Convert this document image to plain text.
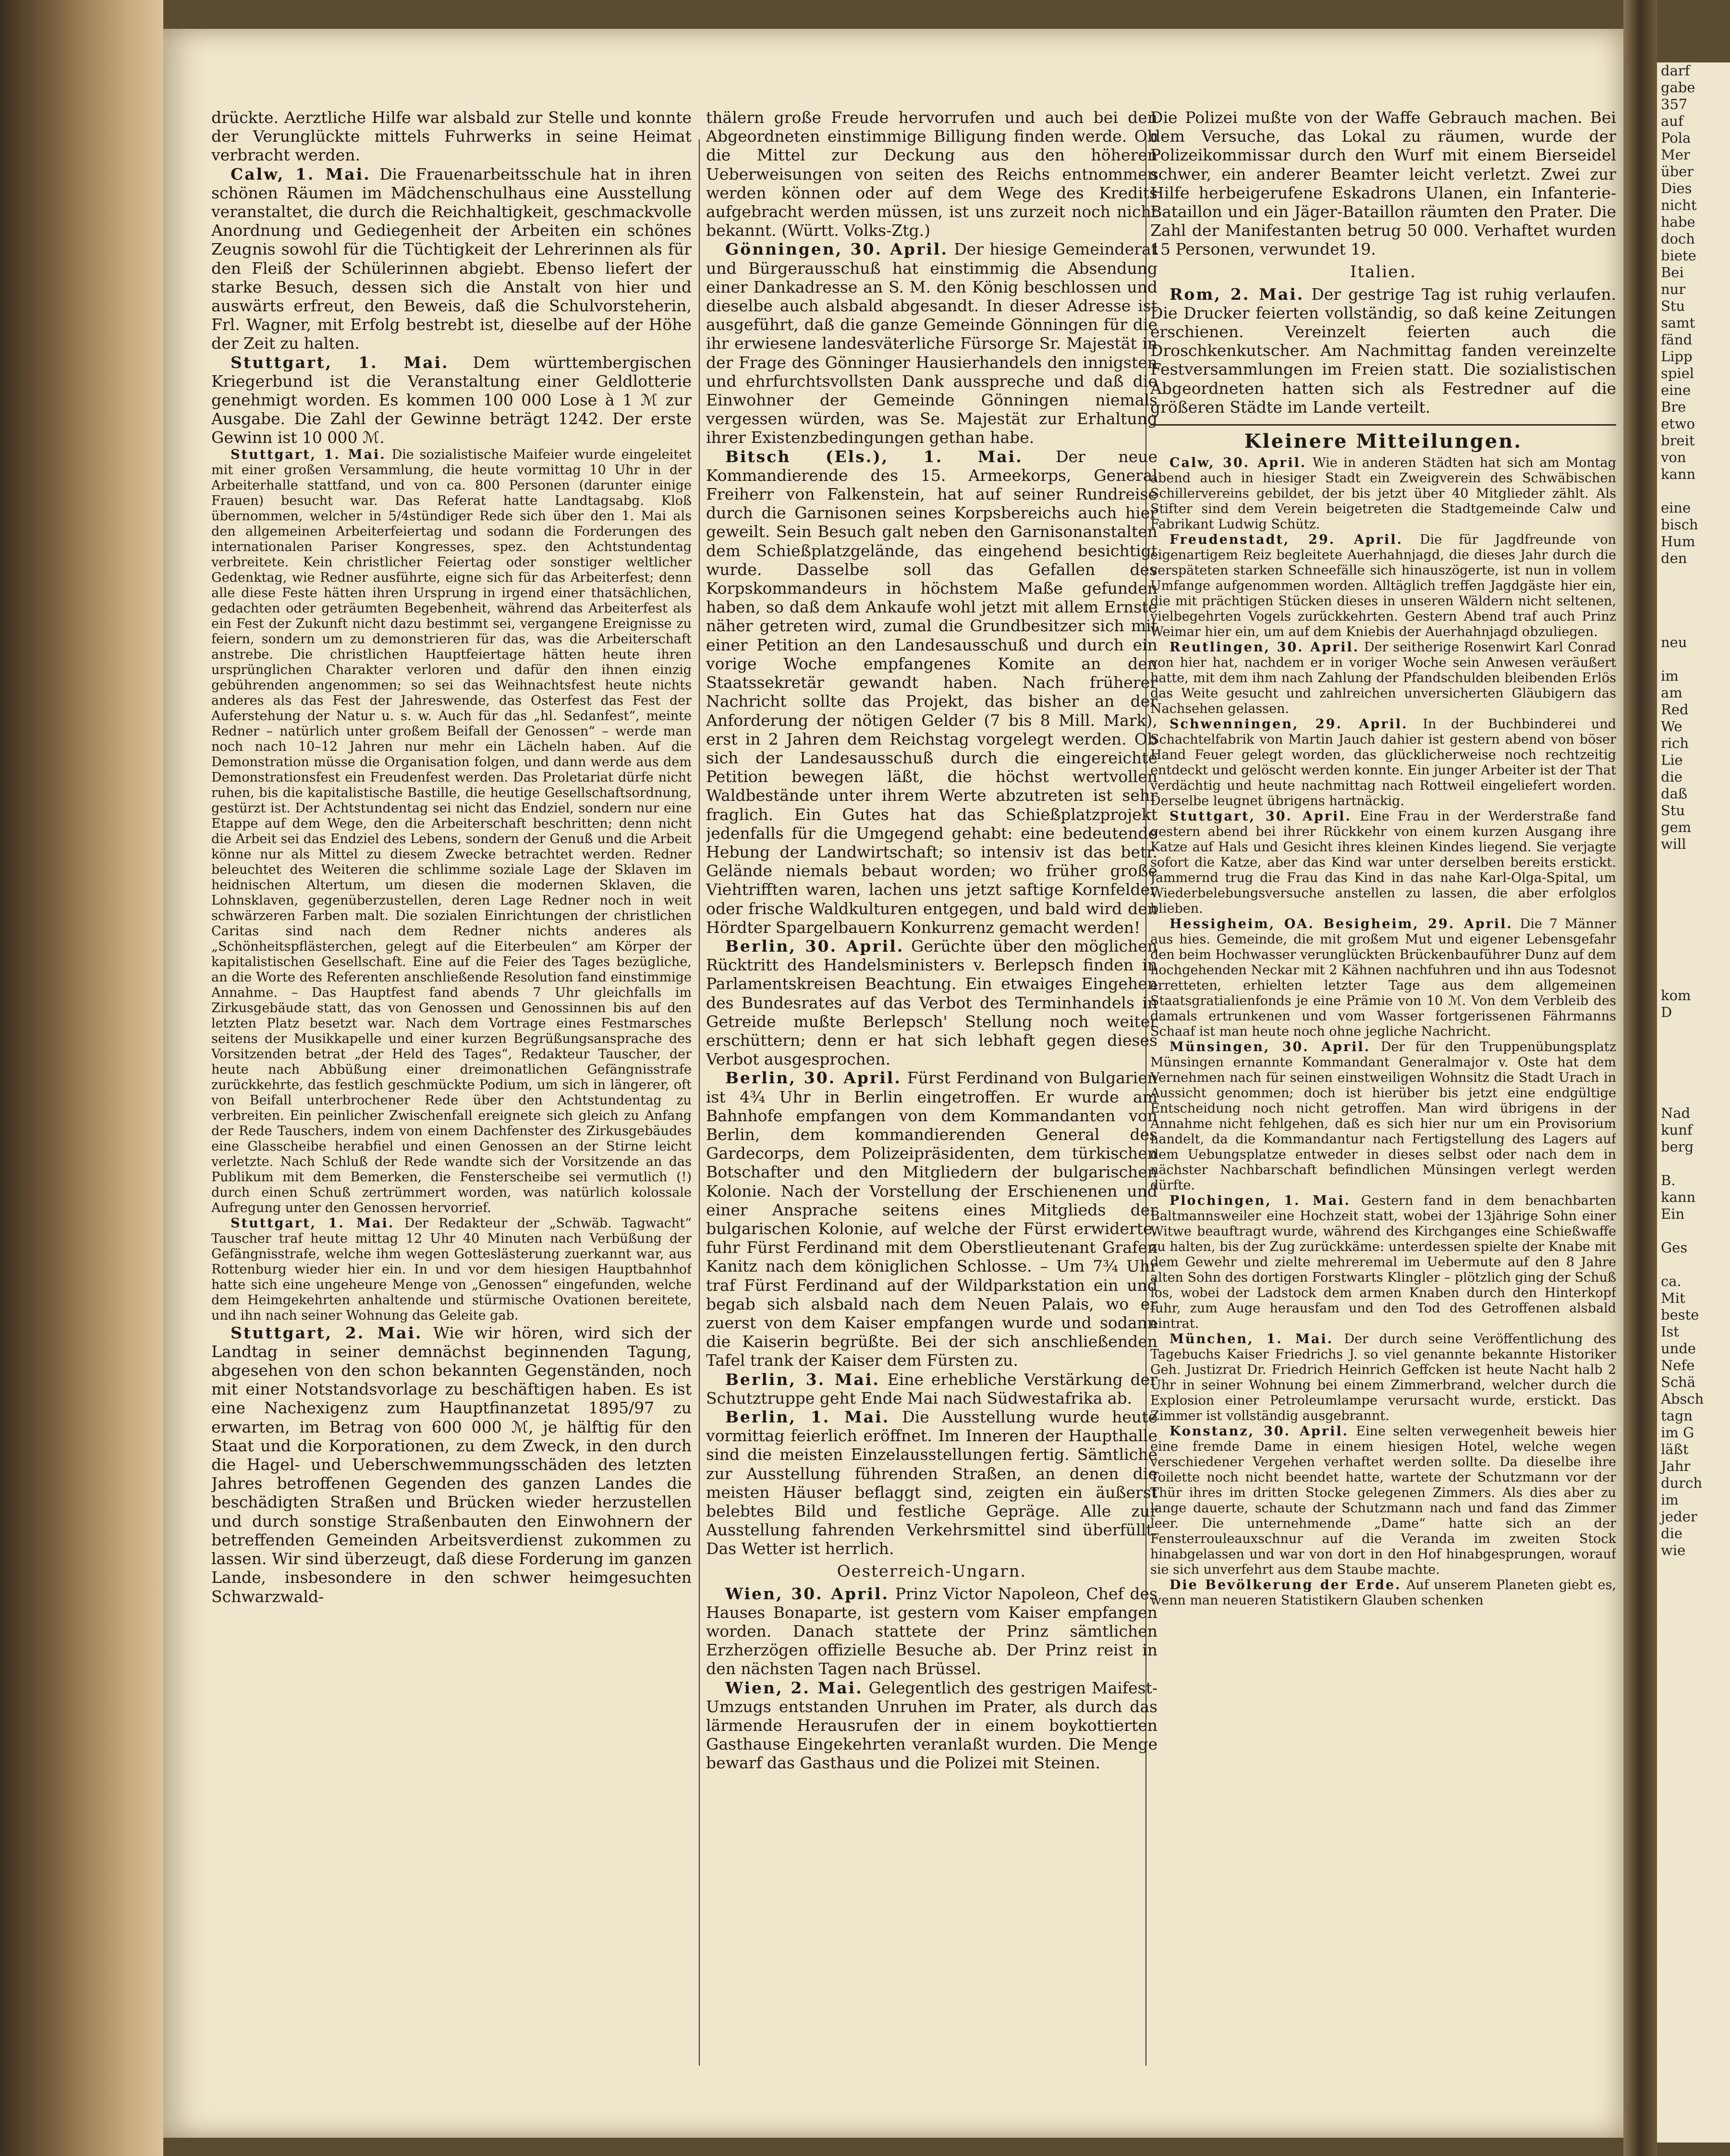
darf
gabe
357
auf
Pola
Mer
über
Dies
nicht
habe
doch
biete
Bei
nur
Stu
samt
fänd
Lipp
spiel
eine
Bre
etwo
breit
von
kann

eine
bisch
Hum
den

neu

im
am
Red
We
rich
Lie
die
daß
Stu
gem
will

kom
D

Nad
kunf
berg

B.
kann
Ein

Ges

ca.
Mit
beste
Ist
unde
Nefe
Schä
Absch
tagn
im G
läßt
Jahr
durch
im
jeder
die
wie

drückte. Aerztliche Hilfe war alsbald zur Stelle und konnte der Verunglückte mittels Fuhrwerks in seine Heimat verbracht werden.

Calw, 1. Mai. Die Frauenarbeitsschule hat in ihren schönen Räumen im Mädchenschulhaus eine Ausstellung veranstaltet, die durch die Reichhaltigkeit, geschmackvolle Anordnung und Gediegenheit der Arbeiten ein schönes Zeugnis sowohl für die Tüchtigkeit der Lehrerinnen als für den Fleiß der Schülerinnen abgiebt. Ebenso liefert der starke Besuch, dessen sich die Anstalt von hier und auswärts erfreut, den Beweis, daß die Schulvorsteherin, Frl. Wagner, mit Erfolg bestrebt ist, dieselbe auf der Höhe der Zeit zu halten.

Stuttgart, 1. Mai. Dem württembergischen Kriegerbund ist die Veranstaltung einer Geldlotterie genehmigt worden. Es kommen 100 000 Lose à 1 ℳ zur Ausgabe. Die Zahl der Gewinne beträgt 1242. Der erste Gewinn ist 10 000 ℳ.

Stuttgart, 1. Mai. Die sozialistische Maifeier wurde eingeleitet mit einer großen Versammlung, die heute vormittag 10 Uhr in der Arbeiterhalle stattfand, und von ca. 800 Personen (darunter einige Frauen) besucht war. Das Referat hatte Landtagsabg. Kloß übernommen, welcher in 5/4stündiger Rede sich über den 1. Mai als den allgemeinen Arbeiterfeiertag und sodann die Forderungen des internationalen Pariser Kongresses, spez. den Achtstundentag verbreitete. Kein christlicher Feiertag oder sonstiger weltlicher Gedenktag, wie Redner ausführte, eigne sich für das Arbeiterfest; denn alle diese Feste hätten ihren Ursprung in irgend einer thatsächlichen, gedachten oder geträumten Begebenheit, während das Arbeiterfest als ein Fest der Zukunft nicht dazu bestimmt sei, vergangene Ereignisse zu feiern, sondern um zu demonstrieren für das, was die Arbeiterschaft anstrebe. Die christlichen Hauptfeiertage hätten heute ihren ursprünglichen Charakter verloren und dafür den ihnen einzig gebührenden angenommen; so sei das Weihnachtsfest heute nichts anderes als das Fest der Jahreswende, das Osterfest das Fest der Auferstehung der Natur u. s. w. Auch für das „hl. Sedanfest“, meinte Redner – natürlich unter großem Beifall der Genossen“ – werde man noch nach 10–12 Jahren nur mehr ein Lächeln haben. Auf die Demonstration müsse die Organisation folgen, und dann werde aus dem Demonstrationsfest ein Freudenfest werden. Das Proletariat dürfe nicht ruhen, bis die kapitalistische Bastille, die heutige Gesellschaftsordnung, gestürzt ist. Der Achtstundentag sei nicht das Endziel, sondern nur eine Etappe auf dem Wege, den die Arbeiterschaft beschritten; denn nicht die Arbeit sei das Endziel des Lebens, sondern der Genuß und die Arbeit könne nur als Mittel zu diesem Zwecke betrachtet werden. Redner beleuchtet des Weiteren die schlimme soziale Lage der Sklaven im heidnischen Altertum, um diesen die modernen Sklaven, die Lohnsklaven, gegenüberzustellen, deren Lage Redner noch in weit schwärzeren Farben malt. Die sozialen Einrichtungen der christlichen Caritas sind nach dem Redner nichts anderes als „Schönheitspflästerchen, gelegt auf die Eiterbeulen“ am Körper der kapitalistischen Gesellschaft. Eine auf die Feier des Tages bezügliche, an die Worte des Referenten anschließende Resolution fand einstimmige Annahme. – Das Hauptfest fand abends 7 Uhr gleichfalls im Zirkusgebäude statt, das von Genossen und Genossinnen bis auf den letzten Platz besetzt war. Nach dem Vortrage eines Festmarsches seitens der Musikkapelle und einer kurzen Begrüßungsansprache des Vorsitzenden betrat „der Held des Tages“, Redakteur Tauscher, der heute nach Abbüßung einer dreimonatlichen Gefängnisstrafe zurückkehrte, das festlich geschmückte Podium, um sich in längerer, oft von Beifall unterbrochener Rede über den Achtstundentag zu verbreiten. Ein peinlicher Zwischenfall ereignete sich gleich zu Anfang der Rede Tauschers, indem von einem Dachfenster des Zirkusgebäudes eine Glasscheibe herabfiel und einen Genossen an der Stirne leicht verletzte. Nach Schluß der Rede wandte sich der Vorsitzende an das Publikum mit dem Bemerken, die Fensterscheibe sei vermutlich (!) durch einen Schuß zertrümmert worden, was natürlich kolossale Aufregung unter den Genossen hervorrief.

Stuttgart, 1. Mai. Der Redakteur der „Schwäb. Tagwacht“ Tauscher traf heute mittag 12 Uhr 40 Minuten nach Verbüßung der Gefängnisstrafe, welche ihm wegen Gotteslästerung zuerkannt war, aus Rottenburg wieder hier ein. In und vor dem hiesigen Hauptbahnhof hatte sich eine ungeheure Menge von „Genossen“ eingefunden, welche dem Heimgekehrten anhaltende und stürmische Ovationen bereitete, und ihn nach seiner Wohnung das Geleite gab.

Stuttgart, 2. Mai. Wie wir hören, wird sich der Landtag in seiner demnächst beginnenden Tagung, abgesehen von den schon bekannten Gegenständen, noch mit einer Notstandsvorlage zu beschäftigen haben. Es ist eine Nachexigenz zum Hauptfinanzetat 1895/97 zu erwarten, im Betrag von 600 000 ℳ, je hälftig für den Staat und die Korporationen, zu dem Zweck, in den durch die Hagel- und Ueberschwemmungsschäden des letzten Jahres betroffenen Gegenden des ganzen Landes die beschädigten Straßen und Brücken wieder herzustellen und durch sonstige Straßenbauten den Einwohnern der betreffenden Gemeinden Arbeitsverdienst zukommen zu lassen. Wir sind überzeugt, daß diese Forderung im ganzen Lande, insbesondere in den schwer heimgesuchten Schwarzwald-

thälern große Freude hervorrufen und auch bei den Abgeordneten einstimmige Billigung finden werde. Ob die Mittel zur Deckung aus den höheren Ueberweisungen von seiten des Reichs entnommen werden können oder auf dem Wege des Kredits aufgebracht werden müssen, ist uns zurzeit noch nicht bekannt. (Württ. Volks-Ztg.)

Gönningen, 30. April. Der hiesige Gemeinderat und Bürgerausschuß hat einstimmig die Absendung einer Dankadresse an S. M. den König beschlossen und dieselbe auch alsbald abgesandt. In dieser Adresse ist ausgeführt, daß die ganze Gemeinde Gönningen für die ihr erwiesene landesväterliche Fürsorge Sr. Majestät in der Frage des Gönninger Hausierhandels den innigsten und ehrfurchtsvollsten Dank ausspreche und daß die Einwohner der Gemeinde Gönningen niemals vergessen würden, was Se. Majestät zur Erhaltung ihrer Existenzbedingungen gethan habe.

Bitsch (Els.), 1. Mai. Der neue Kommandierende des 15. Armeekorps, General Freiherr von Falkenstein, hat auf seiner Rundreise durch die Garnisonen seines Korpsbereichs auch hier geweilt. Sein Besuch galt neben den Garnisonanstalten dem Schießplatzgelände, das eingehend besichtigt wurde. Dasselbe soll das Gefallen des Korpskommandeurs in höchstem Maße gefunden haben, so daß dem Ankaufe wohl jetzt mit allem Ernste näher getreten wird, zumal die Grundbesitzer sich mit einer Petition an den Landesausschuß und durch ein vorige Woche empfangenes Komite an den Staatssekretär gewandt haben. Nach früherer Nachricht sollte das Projekt, das bisher an der Anforderung der nötigen Gelder (7 bis 8 Mill. Mark), erst in 2 Jahren dem Reichstag vorgelegt werden. Ob sich der Landesausschuß durch die eingereichte Petition bewegen läßt, die höchst wertvollen Waldbestände unter ihrem Werte abzutreten ist sehr fraglich. Ein Gutes hat das Schießplatzprojekt jedenfalls für die Umgegend gehabt: eine bedeutende Hebung der Landwirtschaft; so intensiv ist das betr. Gelände niemals bebaut worden; wo früher große Viehtrifften waren, lachen uns jetzt saftige Kornfelder oder frische Waldkulturen entgegen, und bald wird den Hördter Spargelbauern Konkurrenz gemacht werden!

Berlin, 30. April. Gerüchte über den möglichen Rücktritt des Handelsministers v. Berlepsch finden in Parlamentskreisen Beachtung. Ein etwaiges Eingehen des Bundesrates auf das Verbot des Terminhandels in Getreide mußte Berlepsch' Stellung noch weiter erschüttern; denn er hat sich lebhaft gegen dieses Verbot ausgesprochen.

Berlin, 30. April. Fürst Ferdinand von Bulgarien ist 4¾ Uhr in Berlin eingetroffen. Er wurde am Bahnhofe empfangen von dem Kommandanten von Berlin, dem kommandierenden General des Gardecorps, dem Polizeipräsidenten, dem türkischen Botschafter und den Mitgliedern der bulgarischen Kolonie. Nach der Vorstellung der Erschienenen und einer Ansprache seitens eines Mitglieds der bulgarischen Kolonie, auf welche der Fürst erwiderte, fuhr Fürst Ferdinand mit dem Oberstlieutenant Grafen Kanitz nach dem königlichen Schlosse. – Um 7¾ Uhr traf Fürst Ferdinand auf der Wildparkstation ein und begab sich alsbald nach dem Neuen Palais, wo er zuerst von dem Kaiser empfangen wurde und sodann die Kaiserin begrüßte. Bei der sich anschließenden Tafel trank der Kaiser dem Fürsten zu.

Berlin, 3. Mai. Eine erhebliche Verstärkung der Schutztruppe geht Ende Mai nach Südwestafrika ab.

Berlin, 1. Mai. Die Ausstellung wurde heute vormittag feierlich eröffnet. Im Inneren der Haupthalle sind die meisten Einzelausstellungen fertig. Sämtliche zur Ausstellung führenden Straßen, an denen die meisten Häuser beflaggt sind, zeigten ein äußerst belebtes Bild und festliche Gepräge. Alle zur Ausstellung fahrenden Verkehrsmittel sind überfüllt. Das Wetter ist herrlich.

Oesterreich-Ungarn.

Wien, 30. April. Prinz Victor Napoleon, Chef des Hauses Bonaparte, ist gestern vom Kaiser empfangen worden. Danach stattete der Prinz sämtlichen Erzherzögen offizielle Besuche ab. Der Prinz reist in den nächsten Tagen nach Brüssel.

Wien, 2. Mai. Gelegentlich des gestrigen Maifest-Umzugs entstanden Unruhen im Prater, als durch das lärmende Herausrufen der in einem boykottierten Gasthause Eingekehrten veranlaßt wurden. Die Menge bewarf das Gasthaus und die Polizei mit Steinen.

Die Polizei mußte von der Waffe Gebrauch machen. Bei dem Versuche, das Lokal zu räumen, wurde der Polizeikommissar durch den Wurf mit einem Bierseidel schwer, ein anderer Beamter leicht verletzt. Zwei zur Hilfe herbeigerufene Eskadrons Ulanen, ein Infanterie-Bataillon und ein Jäger-Bataillon räumten den Prater. Die Zahl der Manifestanten betrug 50 000. Verhaftet wurden 15 Personen, verwundet 19.

Italien.

Rom, 2. Mai. Der gestrige Tag ist ruhig verlaufen. Die Drucker feierten vollständig, so daß keine Zeitungen erschienen. Vereinzelt feierten auch die Droschkenkutscher. Am Nachmittag fanden vereinzelte Festversammlungen im Freien statt. Die sozialistischen Abgeordneten hatten sich als Festredner auf die größeren Städte im Lande verteilt.

Kleinere Mitteilungen.

Calw, 30. April. Wie in anderen Städten hat sich am Montag abend auch in hiesiger Stadt ein Zweigverein des Schwäbischen Schillervereins gebildet, der bis jetzt über 40 Mitglieder zählt. Als Stifter sind dem Verein beigetreten die Stadtgemeinde Calw und Fabrikant Ludwig Schütz.

Freudenstadt, 29. April. Die für Jagdfreunde von eigenartigem Reiz begleitete Auerhahnjagd, die dieses Jahr durch die verspäteten starken Schneefälle sich hinauszögerte, ist nun in vollem Umfange aufgenommen worden. Alltäglich treffen Jagdgäste hier ein, die mit prächtigen Stücken dieses in unseren Wäldern nicht seltenen, vielbegehrten Vogels zurückkehrten. Gestern Abend traf auch Prinz Weimar hier ein, um auf dem Kniebis der Auerhahnjagd obzuliegen.

Reutlingen, 30. April. Der seitherige Rosenwirt Karl Conrad von hier hat, nachdem er in voriger Woche sein Anwesen veräußert hatte, mit dem ihm nach Zahlung der Pfandschulden bleibenden Erlös das Weite gesucht und zahlreichen unversicherten Gläubigern das Nachsehen gelassen.

Schwenningen, 29. April. In der Buchbinderei und Schachtelfabrik von Martin Jauch dahier ist gestern abend von böser Hand Feuer gelegt worden, das glücklicherweise noch rechtzeitig entdeckt und gelöscht werden konnte. Ein junger Arbeiter ist der That verdächtig und heute nachmittag nach Rottweil eingeliefert worden. Derselbe leugnet übrigens hartnäckig.

Stuttgart, 30. April. Eine Frau in der Werderstraße fand gestern abend bei ihrer Rückkehr von einem kurzen Ausgang ihre Katze auf Hals und Gesicht ihres kleinen Kindes liegend. Sie verjagte sofort die Katze, aber das Kind war unter derselben bereits erstickt. Jammernd trug die Frau das Kind in das nahe Karl-Olga-Spital, um Wiederbelebungsversuche anstellen zu lassen, die aber erfolglos blieben.

Hessigheim, OA. Besigheim, 29. April. Die 7 Männer aus hies. Gemeinde, die mit großem Mut und eigener Lebensgefahr den beim Hochwasser verunglückten Brückenbauführer Dunz auf dem hochgehenden Neckar mit 2 Kähnen nachfuhren und ihn aus Todesnot erretteten, erhielten letzter Tage aus dem allgemeinen Staatsgratialienfonds je eine Prämie von 10 ℳ. Von dem Verbleib des damals ertrunkenen und vom Wasser fortgerissenen Fährmanns Schaaf ist man heute noch ohne jegliche Nachricht.

Münsingen, 30. April. Der für den Truppenübungsplatz Münsingen ernannte Kommandant Generalmajor v. Oste hat dem Vernehmen nach für seinen einstweiligen Wohnsitz die Stadt Urach in Aussicht genommen; doch ist hierüber bis jetzt eine endgültige Entscheidung noch nicht getroffen. Man wird übrigens in der Annahme nicht fehlgehen, daß es sich hier nur um ein Provisorium handelt, da die Kommandantur nach Fertigstellung des Lagers auf dem Uebungsplatze entweder in dieses selbst oder nach dem in nächster Nachbarschaft befindlichen Münsingen verlegt werden dürfte.

Plochingen, 1. Mai. Gestern fand in dem benachbarten Baltmannsweiler eine Hochzeit statt, wobei der 13jährige Sohn einer Witwe beauftragt wurde, während des Kirchganges eine Schießwaffe zu halten, bis der Zug zurückkäme: unterdessen spielte der Knabe mit dem Gewehr und zielte mehreremal im Uebermute auf den 8 Jahre alten Sohn des dortigen Forstwarts Klingler – plötzlich ging der Schuß los, wobei der Ladstock dem armen Knaben durch den Hinterkopf fuhr, zum Auge herausfam und den Tod des Getroffenen alsbald eintrat.

München, 1. Mai. Der durch seine Veröffentlichung des Tagebuchs Kaiser Friedrichs J. so viel genannte bekannte Historiker Geh. Justizrat Dr. Friedrich Heinrich Geffcken ist heute Nacht halb 2 Uhr in seiner Wohnung bei einem Zimmerbrand, welcher durch die Explosion einer Petroleumlampe verursacht wurde, erstickt. Das Zimmer ist vollständig ausgebrannt.

Konstanz, 30. April. Eine selten verwegenheit beweis hier eine fremde Dame in einem hiesigen Hotel, welche wegen verschiedener Vergehen verhaftet werden sollte. Da dieselbe ihre Toilette noch nicht beendet hatte, wartete der Schutzmann vor der Thür ihres im dritten Stocke gelegenen Zimmers. Als dies aber zu lange dauerte, schaute der Schutzmann nach und fand das Zimmer leer. Die unternehmende „Dame“ hatte sich an der Fensterrouleauxschnur auf die Veranda im zweiten Stock hinabgelassen und war von dort in den Hof hinabgesprungen, worauf sie sich unverfehrt aus dem Staube machte.

Die Bevölkerung der Erde. Auf unserem Planeten giebt es, wenn man neueren Statistikern Glauben schenken
